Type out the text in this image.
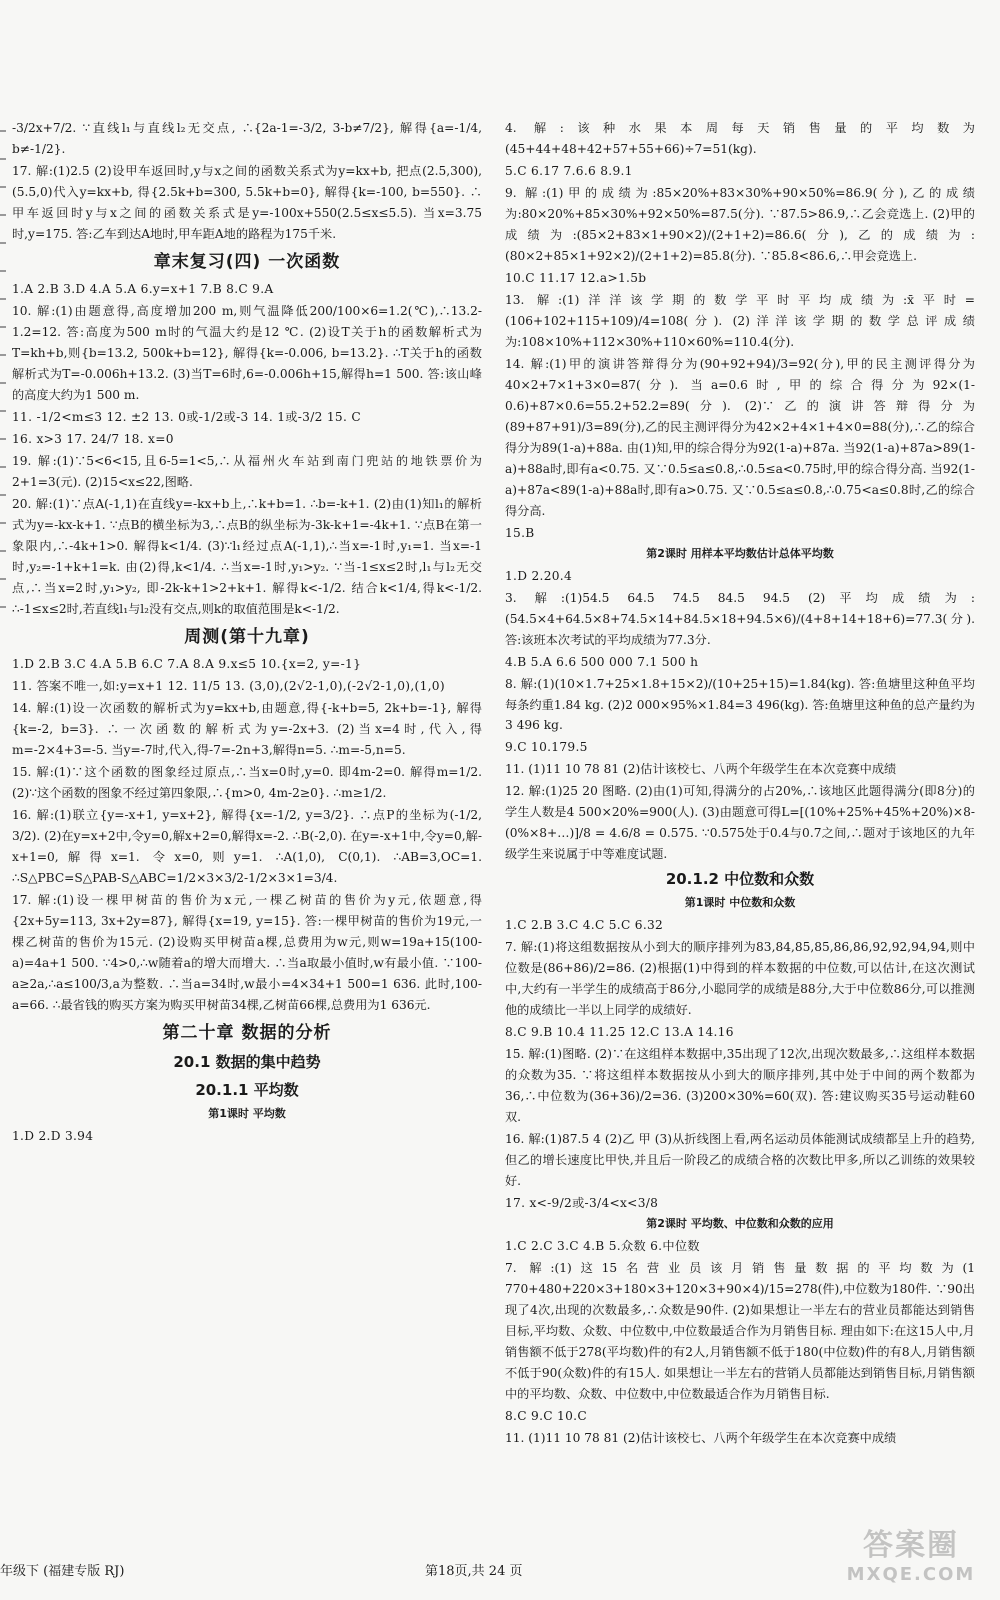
-3/2x+7/2. ∵直线l₁与直线l₂无交点, ∴{2a-1=-3/2, 3-b≠7/2}, 解得{a=-1/4, b≠-1/2}.

17. 解:(1)2.5 (2)设甲车返回时,y与x之间的函数关系式为y=kx+b, 把点(2.5,300),(5.5,0)代入y=kx+b, 得{2.5k+b=300, 5.5k+b=0}, 解得{k=-100, b=550}. ∴甲车返回时y与x之间的函数关系式是y=-100x+550(2.5≤x≤5.5). 当x=3.75时,y=175. 答:乙车到达A地时,甲车距A地的路程为175千米.

章末复习(四) 一次函数

1.A 2.B 3.D 4.A 5.A 6.y=x+1 7.B 8.C 9.A

10. 解:(1)由题意得,高度增加200 m,则气温降低200/100×6=1.2(℃),∴13.2-1.2=12. 答:高度为500 m时的气温大约是12 ℃. (2)设T关于h的函数解析式为T=kh+b,则{b=13.2, 500k+b=12}, 解得{k=-0.006, b=13.2}. ∴T关于h的函数解析式为T=-0.006h+13.2. (3)当T=6时,6=-0.006h+15,解得h=1 500. 答:该山峰的高度大约为1 500 m.

11. -1/2<m≤3 12. ±2 13. 0或-1/2或-3 14. 1或-3/2 15. C

16. x>3 17. 24/7 18. x=0

19. 解:(1)∵5<6<15,且6-5=1<5,∴从福州火车站到南门兜站的地铁票价为2+1=3(元). (2)15<x≤22,图略.

20. 解:(1)∵点A(-1,1)在直线y=-kx+b上,∴k+b=1. ∴b=-k+1. (2)由(1)知l₁的解析式为y=-kx-k+1. ∵点B的横坐标为3,∴点B的纵坐标为-3k-k+1=-4k+1. ∵点B在第一象限内,∴-4k+1>0. 解得k<1/4. (3)∵l₁经过点A(-1,1),∴当x=-1时,y₁=1. 当x=-1时,y₂=-1+k+1=k. 由(2)得,k<1/4. ∴当x=-1时,y₁>y₂. ∵当-1≤x≤2时,l₁与l₂无交点,∴当x=2时,y₁>y₂, 即-2k-k+1>2+k+1. 解得k<-1/2. 结合k<1/4,得k<-1/2. ∴-1≤x≤2时,若直线l₁与l₂没有交点,则k的取值范围是k<-1/2.

周测(第十九章)

1.D 2.B 3.C 4.A 5.B 6.C 7.A 8.A 9.x≤5 10.{x=2, y=-1}

11. 答案不唯一,如:y=x+1 12. 11/5 13. (3,0),(2√2-1,0),(-2√2-1,0),(1,0)

14. 解:(1)设一次函数的解析式为y=kx+b,由题意,得{-k+b=5, 2k+b=-1}, 解得{k=-2, b=3}. ∴一次函数的解析式为y=-2x+3. (2)当x=4时,代入,得m=-2×4+3=-5. 当y=-7时,代入,得-7=-2n+3,解得n=5. ∴m=-5,n=5.

15. 解:(1)∵这个函数的图象经过原点,∴当x=0时,y=0. 即4m-2=0. 解得m=1/2. (2)∵这个函数的图象不经过第四象限,∴{m>0, 4m-2≥0}. ∴m≥1/2.

16. 解:(1)联立{y=-x+1, y=x+2}, 解得{x=-1/2, y=3/2}. ∴点P的坐标为(-1/2, 3/2). (2)在y=x+2中,令y=0,解x+2=0,解得x=-2. ∴B(-2,0). 在y=-x+1中,令y=0,解-x+1=0,解得x=1. 令x=0,则y=1. ∴A(1,0), C(0,1). ∴AB=3,OC=1. ∴S△PBC=S△PAB-S△ABC=1/2×3×3/2-1/2×3×1=3/4.

17. 解:(1)设一棵甲树苗的售价为x元,一棵乙树苗的售价为y元,依题意,得{2x+5y=113, 3x+2y=87}, 解得{x=19, y=15}. 答:一棵甲树苗的售价为19元,一棵乙树苗的售价为15元. (2)设购买甲树苗a棵,总费用为w元,则w=19a+15(100-a)=4a+1 500. ∵4>0,∴w随着a的增大而增大. ∴当a取最小值时,w有最小值. ∵100-a≥2a,∴a≤100/3,a为整数. ∴当a=34时,w最小=4×34+1 500=1 636. 此时,100-a=66. ∴最省钱的购买方案为购买甲树苗34棵,乙树苗66棵,总费用为1 636元.

第二十章 数据的分析
20.1 数据的集中趋势
20.1.1 平均数
第1课时 平均数

1.D 2.D 3.94

4. 解:该种水果本周每天销售量的平均数为(45+44+48+42+57+55+66)÷7=51(kg).

5.C 6.17 7.6.6 8.9.1

9. 解:(1)甲的成绩为:85×20%+83×30%+90×50%=86.9(分),乙的成绩为:80×20%+85×30%+92×50%=87.5(分). ∵87.5>86.9,∴乙会竞选上. (2)甲的成绩为:(85×2+83×1+90×2)/(2+1+2)=86.6(分),乙的成绩为:(80×2+85×1+92×2)/(2+1+2)=85.8(分). ∵85.8<86.6,∴甲会竞选上.

10.C 11.17 12.a>1.5b

13. 解:(1)洋洋该学期的数学平时平均成绩为:x̄平时=(106+102+115+109)/4=108(分). (2)洋洋该学期的数学总评成绩为:108×10%+112×30%+110×60%=110.4(分).

14. 解:(1)甲的演讲答辩得分为(90+92+94)/3=92(分),甲的民主测评得分为40×2+7×1+3×0=87(分). 当a=0.6时,甲的综合得分为92×(1-0.6)+87×0.6=55.2+52.2=89(分). (2)∵乙的演讲答辩得分为(89+87+91)/3=89(分),乙的民主测评得分为42×2+4×1+4×0=88(分),∴乙的综合得分为89(1-a)+88a. 由(1)知,甲的综合得分为92(1-a)+87a. 当92(1-a)+87a>89(1-a)+88a时,即有a<0.75. 又∵0.5≤a≤0.8,∴0.5≤a<0.75时,甲的综合得分高. 当92(1-a)+87a<89(1-a)+88a时,即有a>0.75. 又∵0.5≤a≤0.8,∴0.75<a≤0.8时,乙的综合得分高.

15.B

第2课时 用样本平均数估计总体平均数

1.D 2.20.4

3. 解:(1)54.5 64.5 74.5 84.5 94.5 (2)平均成绩为:(54.5×4+64.5×8+74.5×14+84.5×18+94.5×6)/(4+8+14+18+6)=77.3(分). 答:该班本次考试的平均成绩为77.3分.

4.B 5.A 6.6 500 000 7.1 500 h

8. 解:(1)(10×1.7+25×1.8+15×2)/(10+25+15)=1.84(kg). 答:鱼塘里这种鱼平均每条约重1.84 kg. (2)2 000×95%×1.84=3 496(kg). 答:鱼塘里这种鱼的总产量约为3 496 kg.

9.C 10.179.5

11. (1)11 10 78 81 (2)估计该校七、八两个年级学生在本次竞赛中成绩

12. 解:(1)25 20 图略. (2)由(1)可知,得满分的占20%,∴该地区此题得满分(即8分)的学生人数是4 500×20%=900(人). (3)由题意可得L=[(10%+25%+45%+20%)×8-(0%×8+…)]/8 = 4.6/8 = 0.575. ∵0.575处于0.4与0.7之间,∴题对于该地区的九年级学生来说属于中等难度试题.

20.1.2 中位数和众数
第1课时 中位数和众数

1.C 2.B 3.C 4.C 5.C 6.32

7. 解:(1)将这组数据按从小到大的顺序排列为83,84,85,85,86,86,92,92,94,94,则中位数是(86+86)/2=86. (2)根据(1)中得到的样本数据的中位数,可以估计,在这次测试中,大约有一半学生的成绩高于86分,小聪同学的成绩是88分,大于中位数86分,可以推测他的成绩比一半以上同学的成绩好.

8.C 9.B 10.4 11.25 12.C 13.A 14.16

15. 解:(1)图略. (2)∵在这组样本数据中,35出现了12次,出现次数最多,∴这组样本数据的众数为35. ∵将这组样本数据按从小到大的顺序排列,其中处于中间的两个数都为36,∴中位数为(36+36)/2=36. (3)200×30%=60(双). 答:建议购买35号运动鞋60双.

16. 解:(1)87.5 4 (2)乙 甲 (3)从折线图上看,两名运动员体能测试成绩都呈上升的趋势,但乙的增长速度比甲快,并且后一阶段乙的成绩合格的次数比甲多,所以乙训练的效果较好.

17. x<-9/2或-3/4<x<3/8

第2课时 平均数、中位数和众数的应用

1.C 2.C 3.C 4.B 5.众数 6.中位数

7. 解:(1)这15名营业员该月销售量数据的平均数为(1 770+480+220×3+180×3+120×3+90×4)/15=278(件),中位数为180件. ∵90出现了4次,出现的次数最多,∴众数是90件. (2)如果想让一半左右的营业员都能达到销售目标,平均数、众数、中位数中,中位数最适合作为月销售目标. 理由如下:在这15人中,月销售额不低于278(平均数)件的有2人,月销售额不低于180(中位数)件的有8人,月销售额不低于90(众数)件的有15人. 如果想让一半左右的营销人员都能达到销售目标,月销售额中的平均数、众数、中位数中,中位数最适合作为月销售目标.

8.C 9.C 10.C

11. (1)11 10 78 81 (2)估计该校七、八两个年级学生在本次竞赛中成绩

年级下 (福建专版 RJ)	第18页,共 24 页
答案圈
MXQE.COM
